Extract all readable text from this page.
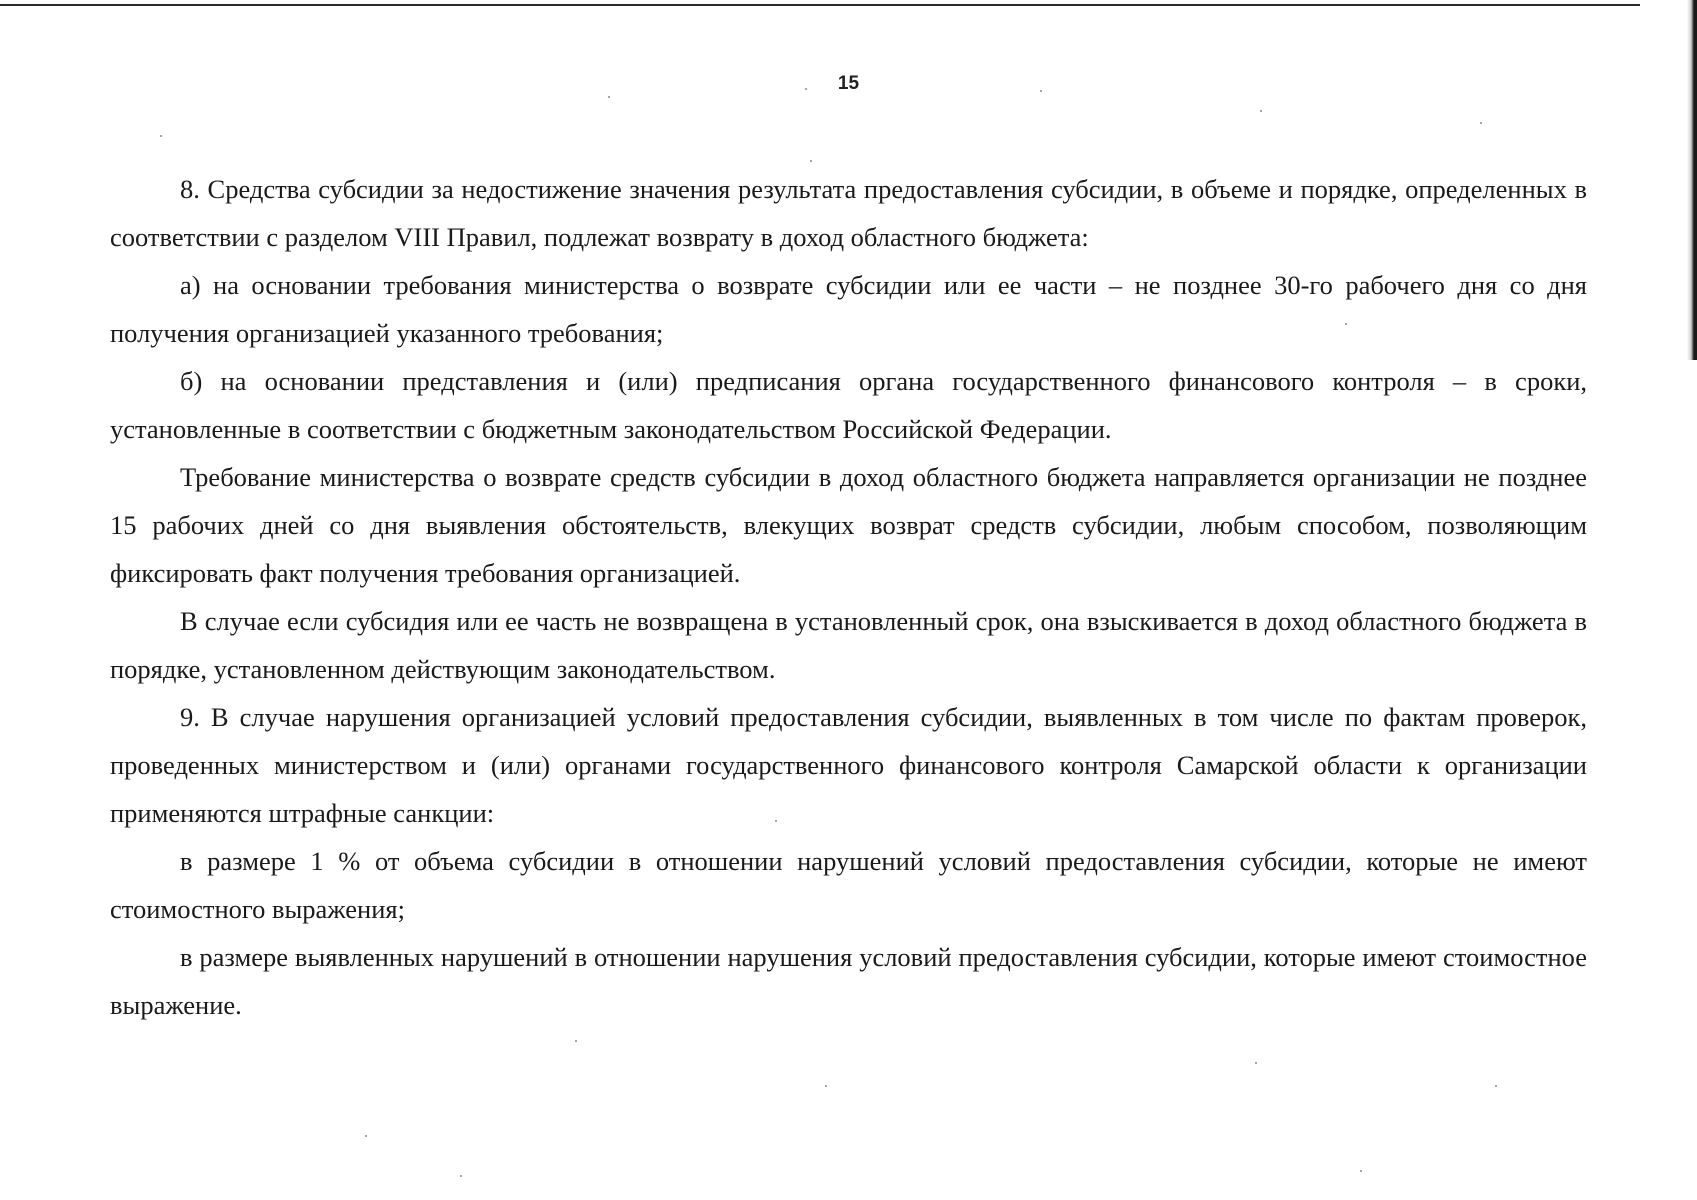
15

8. Средства субсидии за недостижение значения результата предоставления субсидии, в объеме и порядке, определенных в соответствии с разделом VIII Правил, подлежат возврату в доход областного бюджета:

а) на основании требования министерства о возврате субсидии или ее части – не позднее 30-го рабочего дня со дня получения организацией указанного требования;

б) на основании представления и (или) предписания органа государственного финансового контроля – в сроки, установленные в соответствии с бюджетным законодательством Российской Федерации.

Требование министерства о возврате средств субсидии в доход областного бюджета направляется организации не позднее 15 рабочих дней со дня выявления обстоятельств, влекущих возврат средств субсидии, любым способом, позволяющим фиксировать факт получения требования организацией.

В случае если субсидия или ее часть не возвращена в установленный срок, она взыскивается в доход областного бюджета в порядке, установленном действующим законодательством.

9. В случае нарушения организацией условий предоставления субсидии, выявленных в том числе по фактам проверок, проведенных министерством и (или) органами государственного финансового контроля Самарской области к организации применяются штрафные санкции:

в размере 1 % от объема субсидии в отношении нарушений условий предоставления субсидии, которые не имеют стоимостного выражения;

в размере выявленных нарушений в отношении нарушения условий предоставления субсидии, которые имеют стоимостное выражение.
